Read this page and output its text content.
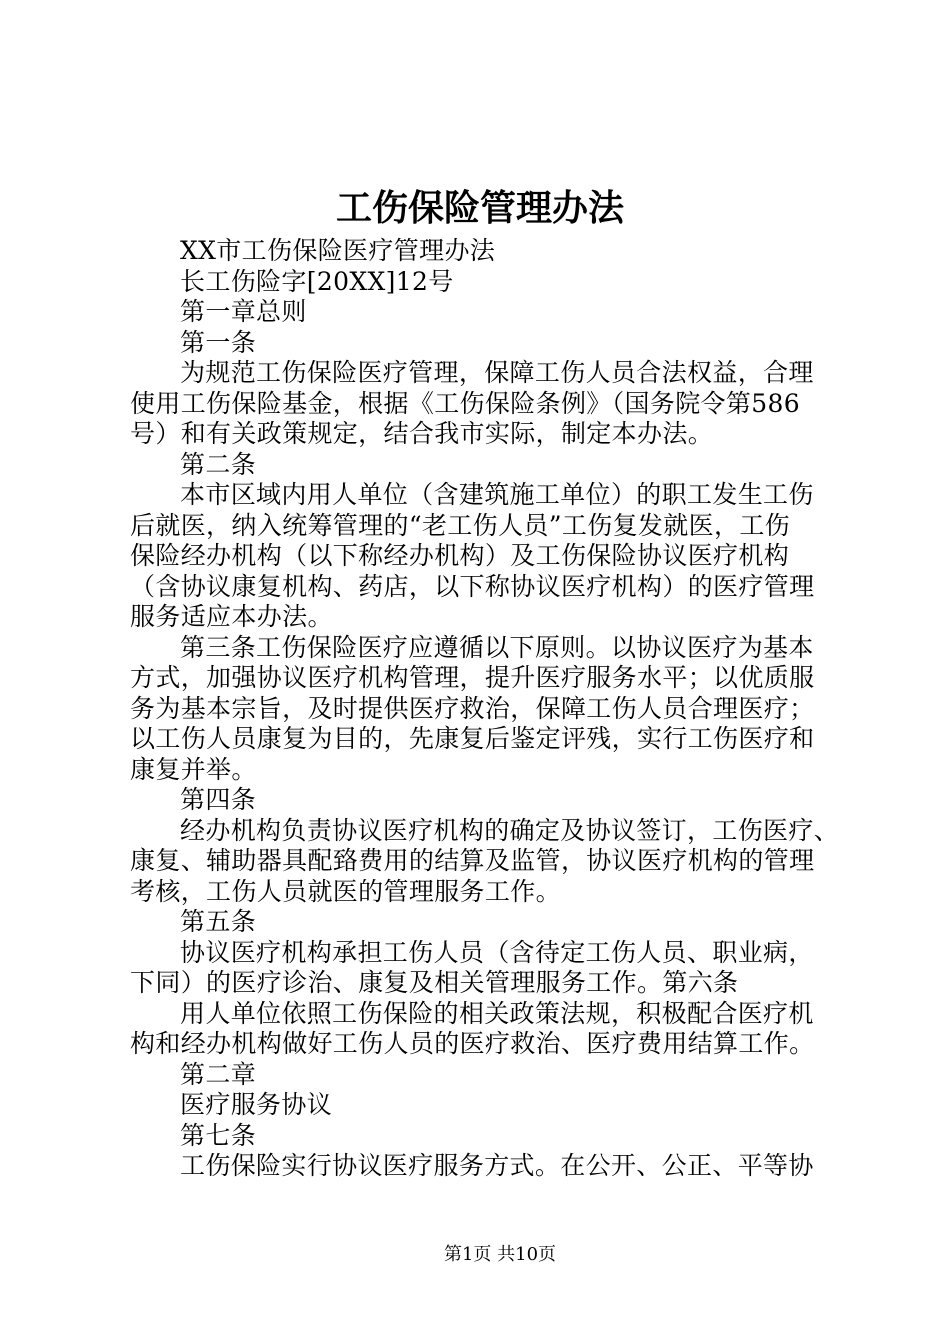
工伤保险管理办法
XX市工伤保险医疗管理办法
长工伤险字[20XX]12号
第一章总则
第一条
为规范工伤保险医疗管理，保障工伤人员合法权益，合理
使用工伤保险基金，根据《工伤保险条例》（国务院令第586
号）和有关政策规定，结合我市实际，制定本办法。
第二条
本市区域内用人单位（含建筑施工单位）的职工发生工伤
后就医，纳入统筹管理的“老工伤人员”工伤复发就医，工伤
保险经办机构（以下称经办机构）及工伤保险协议医疗机构
（含协议康复机构、药店，以下称协议医疗机构）的医疗管理
服务适应本办法。
第三条工伤保险医疗应遵循以下原则。以协议医疗为基本
方式，加强协议医疗机构管理，提升医疗服务水平；以优质服
务为基本宗旨，及时提供医疗救治，保障工伤人员合理医疗；
以工伤人员康复为目的，先康复后鉴定评残，实行工伤医疗和
康复并举。
第四条
经办机构负责协议医疗机构的确定及协议签订，工伤医疗、
康复、辅助器具配臵费用的结算及监管，协议医疗机构的管理
考核，工伤人员就医的管理服务工作。
第五条
协议医疗机构承担工伤人员（含待定工伤人员、职业病，
下同）的医疗诊治、康复及相关管理服务工作。第六条
用人单位依照工伤保险的相关政策法规，积极配合医疗机
构和经办机构做好工伤人员的医疗救治、医疗费用结算工作。
第二章
医疗服务协议
第七条
工伤保险实行协议医疗服务方式。在公开、公正、平等协
第1页 共10页
